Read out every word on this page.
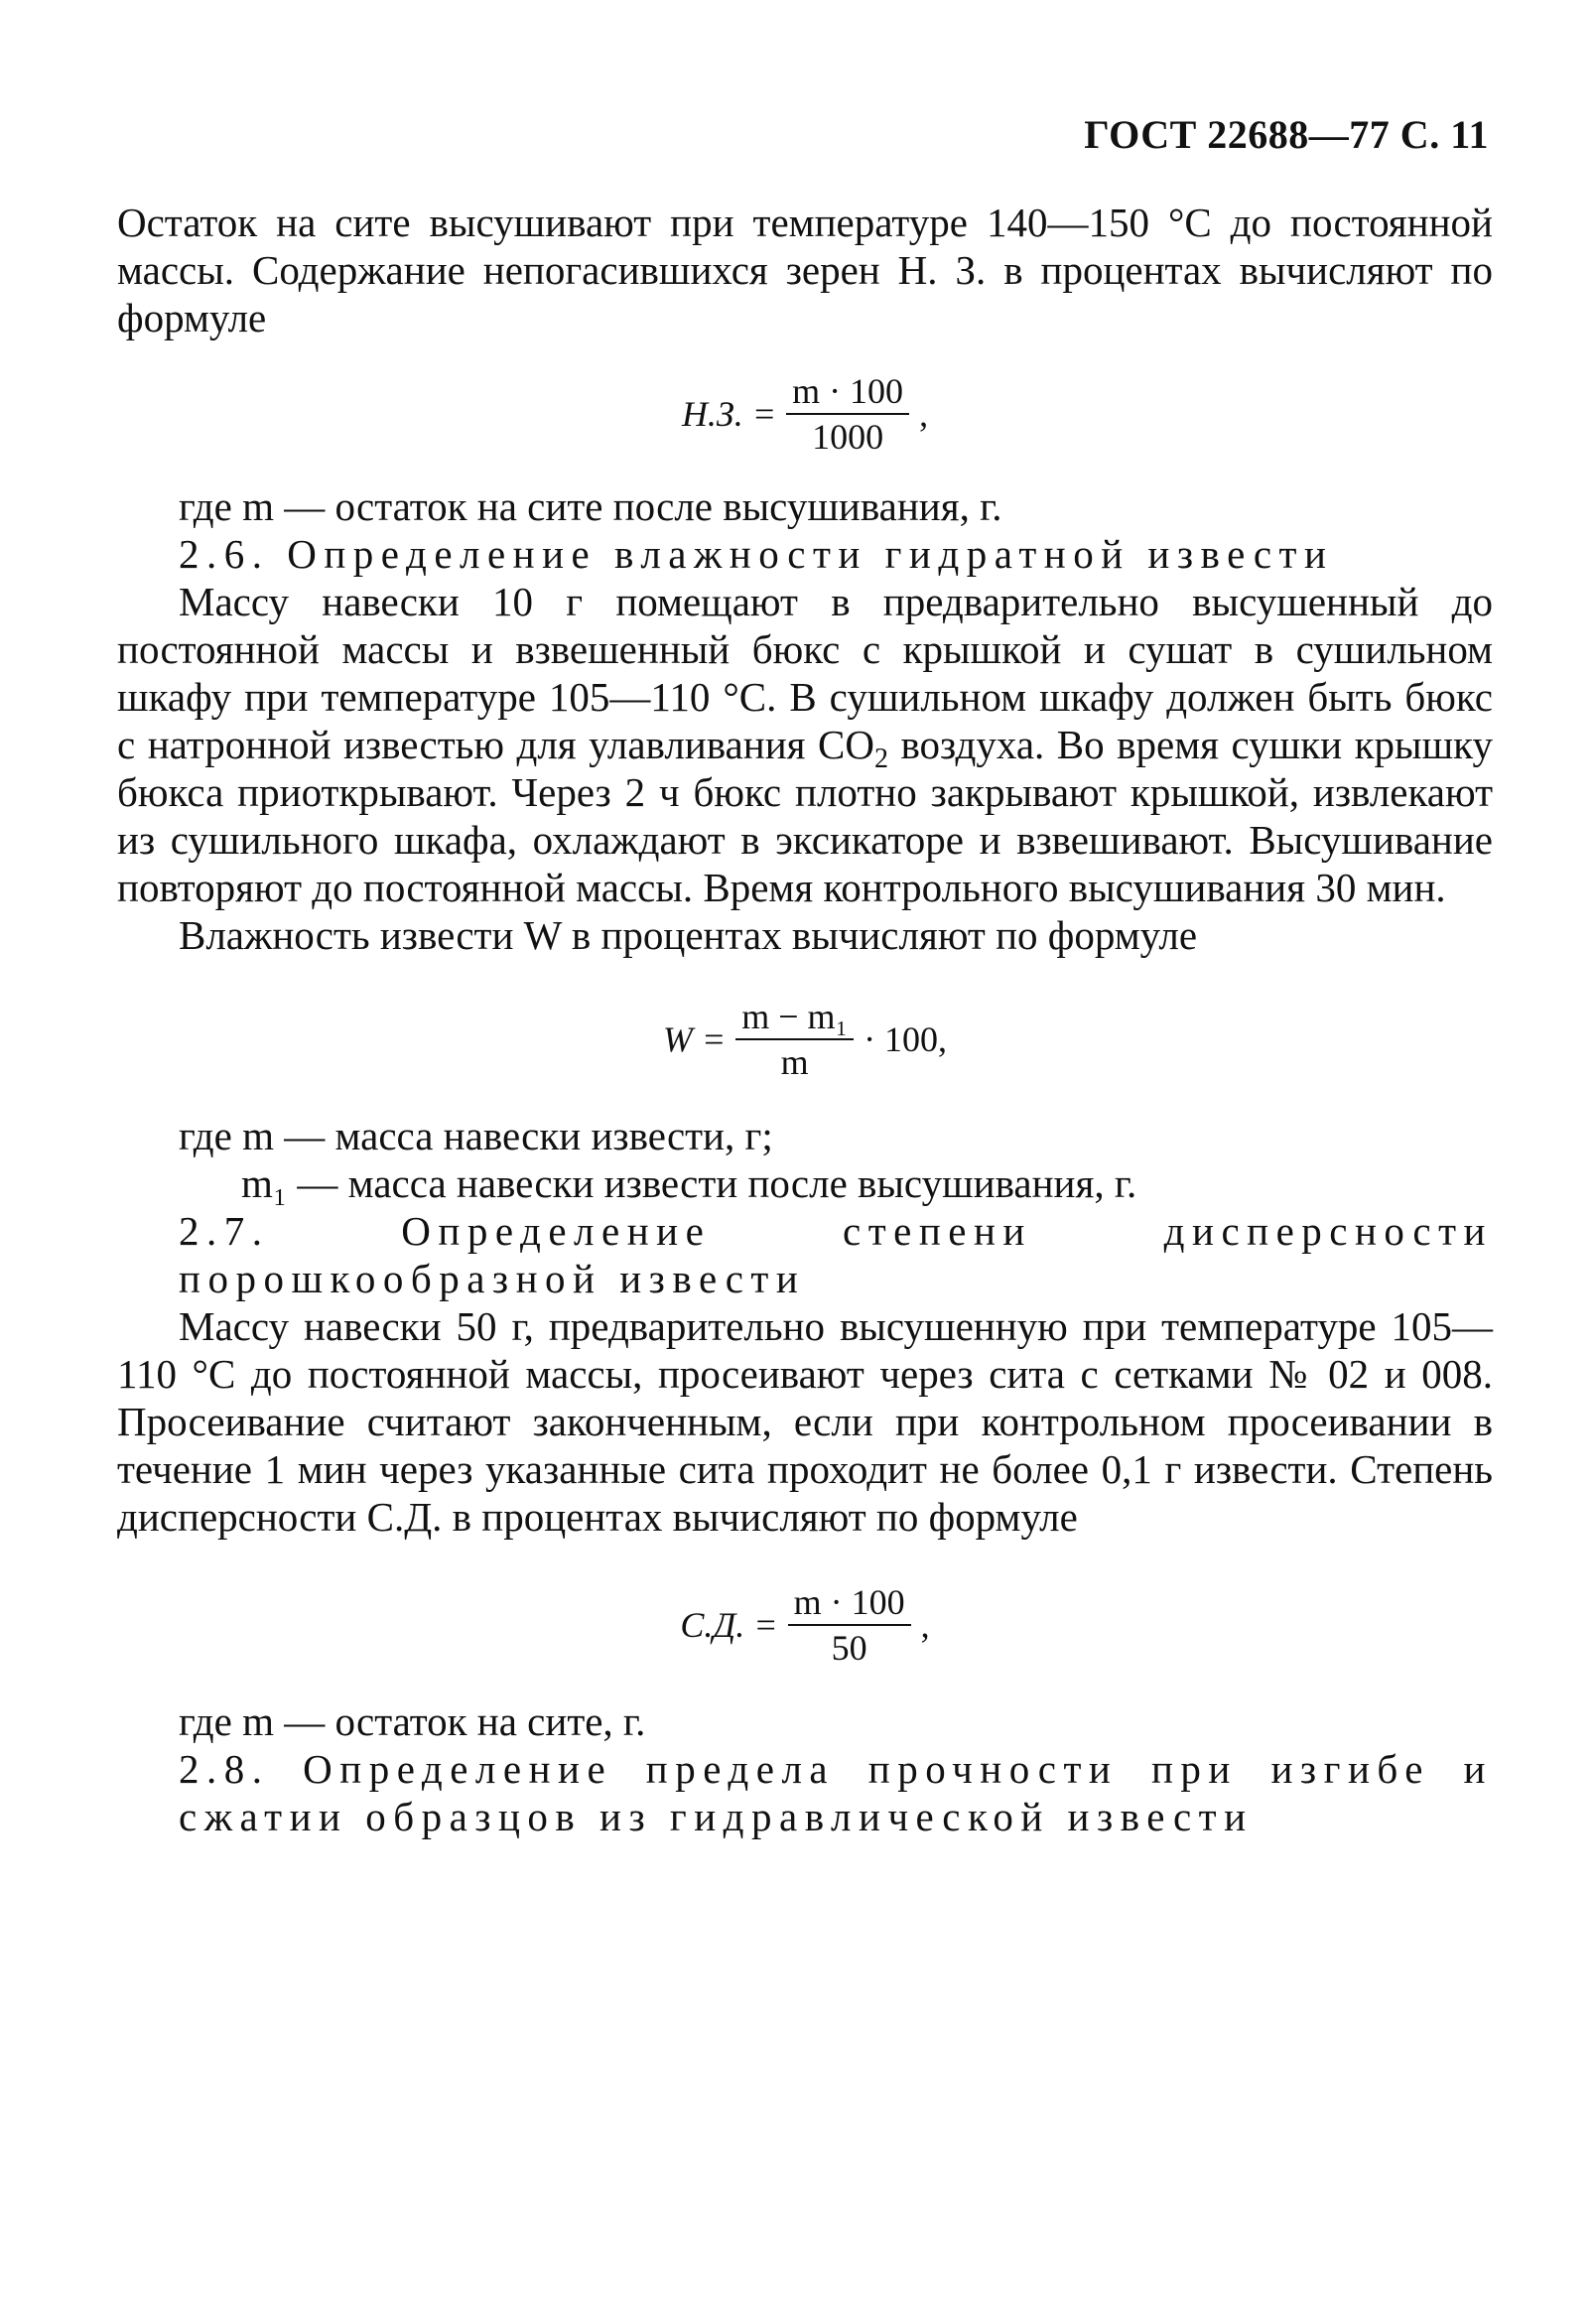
ГОСТ 22688—77 С. 11

Остаток на сите высушивают при температуре 140—150 °С до постоянной массы. Содержание непогасившихся зерен Н. З. в процентах вычисляют по формуле

Н.З. = $\frac{m \cdot 100}{1000}$ ,

где m — остаток на сите после высушивания, г.

2.6. Определение влажности гидратной извести

Массу навески 10 г помещают в предварительно высушенный до постоянной массы и взвешенный бюкс с крышкой и сушат в сушильном шкафу при температуре 105—110 °С. В сушильном шкафу должен быть бюкс с натронной известью для улавливания $СО_2$ воздуха. Во время сушки крышку бюкса приоткрывают. Через 2 ч бюкс плотно закрывают крышкой, извлекают из сушильного шкафа, охлаждают в эксикаторе и взвешивают. Высушивание повторяют до постоянной массы. Время контрольного высушивания 30 мин.

Влажность извести W в процентах вычисляют по формуле

$W = \frac{\text{m − m₁}}{m} \cdot 100$,

где m — масса навески извести, г;

m₁ — масса навески извести после высушивания, г.

2.7. Определение степени дисперсности порошкообразной извести

Массу навески 50 г, предварительно высушенную при температуре 105—110 °С до постоянной массы, просеивают через сита с сетками № 02 и 008. Просеивание считают законченным, если при контрольном просеивании в течение 1 мин через указанные сита проходит не более 0,1 г извести. Степень дисперсности С.Д. в процентах вычисляют по формуле

С.Д. = $\frac{m \cdot 100}{50}$ ,

где m — остаток на сите, г.

2.8. Определение предела прочности при изгибе и сжатии образцов из гидравлической извести
